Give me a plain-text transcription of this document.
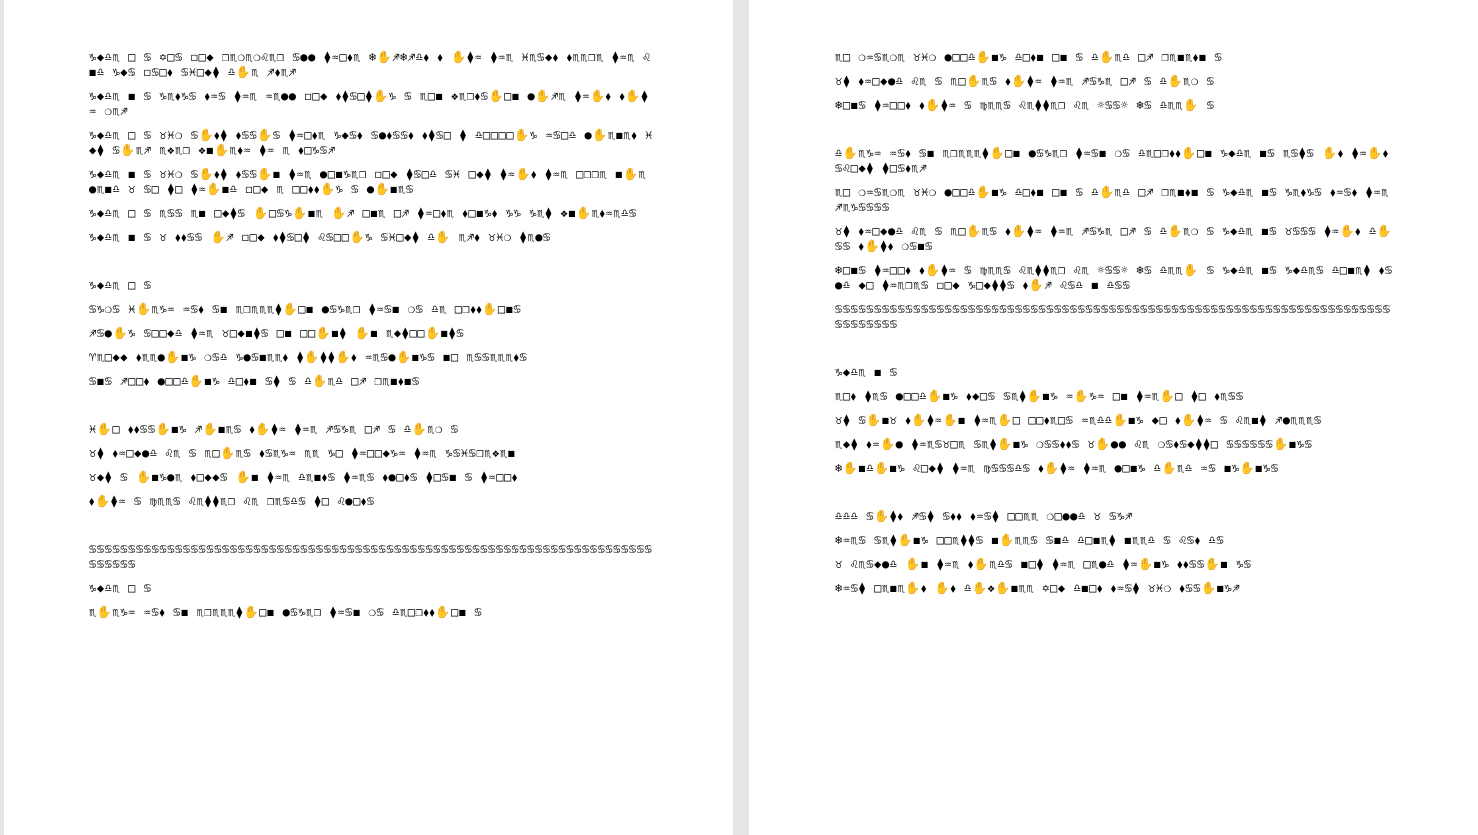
♑◆♎♏ □ ♋ ✡□♋ ◻□◆ ❒♏❍♏❍♌♏❒ ♋●● ⧫♒□⬧♏ ❄✋♐❄♐♎⬧ ⬧ ✋⧫♒ ⧫♒♏ ♓♏♋◆⬧ ⬧♏♏❒♏ ⧫♒♏ ♌◼♎ ♑◆♋ ◻♋□⬧ ♋♓□◆⧫ ♎✋♏ ♐⬧♏♐

♑◆♎♏ ◼ ♋ ♑♏⬧♑♋ ⬧♒♋ ⧫♒♏ ♒♏●● ◻□◆ ⬧⧫♋□⧫✋♑ ♋ ♏□◼ ❖♏❒⬧♋✋□◼ ●✋♐♏ ⧫♒✋⬧ ⬧✋⧫♒ ❍♏♐

♑◆♎♏ □ ♋ ♉♓❍ ♋✋⬧⧫ ⬧♋♋✋♋ ⧫♒□⬧♏ ♑◆♋⬧ ♋●⬧♋♋⬧ ⬧⧫♋□ ⧫ ♎□□□□✋♑ ♒♋□♎ ●✋♏◼♏⬧ ♓◆⧫ ♋✋♏♐ ♏❖♏❒ ❖◼✋♏⬧♒ ⧫♒ ♏ ⬧□♑♋♐

♑◆♎♏ ◼ ♋ ♉♓❍ ♋✋⬧⧫ ⬧♋♋✋◼ ⧫♒♏ ●□◼♑♏❒ ◻□◆ ⧫♋□♎ ♋♓ □◆⧫ ⧫♒✋⬧ ⧫♒♏ □❒❒♏ ◼✋♏●♏◼♎ ♉ ♋□ ⧫□ ⧫♒✋◼♎ ◻□◆ ♏ □□⬧⬧✋♑ ♋ ●✋◼♏♋

♑◆♎♏ □ ♋ ♏♋♋ ♏◼ □◆⧫♋ ✋□♋♑✋◼♏ ✋♐ □◼♏ □♐ ⧫♒□⬧♏ ⬧□◼♑⬧ ♑♑ ♑♏⧫ ❖◼✋♏⬧♒♏♎♋

♑◆♎♏ ◼ ♋ ♉ ⬧⬧♋♋ ✋♐ ◻□◆ ⬧⧫♋□⧫ ♌♋□□✋♑ ♋♓□◆⧫ ♎✋ ♏♐⬧ ♉♓❍ ⧫♏●♋

♑◆♎♏ □ ♋

♋♑❍♋ ♓✋♏♑♒ ♒♋⬧ ♋◼ ♏❒♏♏♏⧫✋□◼ ●♋♑♏❒ ⧫♒♋◼ ❍♋ ♎♏ □❒⬧⬧✋□◼♋

♐♋●✋♑ ♋□□◆♎ ⧫♒♏ ♉□◆◼⧫♋ □◼ □□✋◼⧫ ✋◼ ♏◆⧫□□✋◼⧫♋

♈♏□◆◆ ⬧♏♏●✋◼♑ ❍♋♎ ♑●♋◼♏♏⬧ ⧫✋⧫⧫✋⬧ ♒♏♋●✋◼♑♋ ◼□ ♏♋♋♏♏♏⬧♋

♋◼♋ ♐□□⬧ ●□□♎✋◼♑ ♎□⬧◼ ♋⧫ ♋ ♎✋♏♎ □♐ ❒♏◼⬧◼♋

♓✋□ ⬧⬧♋♋✋◼♑ ♐✋◼♏♋ ⬧✋⧫♒ ⧫♒♏ ♐♋♑♏ □♐ ♋ ♎✋♏❍ ♋

♉⧫ ⬧♒□◆●♎ ♌♏ ♋ ♏□✋♏♋ ⬧♋♏♑♒ ♏♏ ♑□ ⧫♒□□◆♑♒ ⧫♒♏ ♑♋♓♋❒♏❖♏◼

♉◆⧫ ♋ ✋◼♑●♏ ⬧□◆◆♋ ✋◼ ⧫♒♏ ♎♏◼⬧♋ ⧫♒♏♋ ⬧●□⬧♋ ⧫□♋◼ ♋ ⧫♒□□⬧

⬧✋⧫♒ ♋ ♍♏♏♋ ♌♏⧫⧫♏❒ ♌♏ ❒♏♋♎♋ ⧫□ ♌●□⬧♋

♋♋♋♋♋♋♋♋♋♋♋♋♋♋♋♋♋♋♋♋♋♋♋♋♋♋♋♋♋♋♋♋♋♋♋♋♋♋♋♋♋♋♋♋♋♋♋♋♋♋♋♋♋♋♋♋♋♋♋♋♋♋♋♋♋♋♋♋♋♋♋♋♋♋♋♋♋♋

♑◆♎♏ □ ♋

♏✋♏♑♒ ♒♋⬧ ♋◼ ♏❒♏♏♏⧫✋□◼ ●♋♑♏❒ ⧫♒♋◼ ❍♋ ♎♏□❒⬧⬧✋□◼ ♋

♏□ ❍♒♋♏❍♏ ♉♓❍ ●□□♎✋◼♑ ♎□⬧◼ □◼ ♋ ♎✋♏♎ □♐ ❒♏◼♏⬧◼ ♋

♉⧫ ⬧♒□◆●♎ ♌♏ ♋ ♏□✋♏♋ ⬧✋⧫♒ ⧫♒♏ ♐♋♑♏ □♐ ♋ ♎✋♏❍ ♋

❄□◼♋ ⧫♒□□⬧ ⬧✋⧫♒ ♋ ♍♏♏♋ ♌♏⧫⧫♏❒ ♌♏ ☼♋♋☼ ❄♋ ♎♏♏✋ ♋

♎✋♏♑♒ ♒♋⬧ ♋◼ ♏❒♏♏♏⧫✋□◼ ●♋♑♏❒ ⧫♒♋◼ ❍♋ ♎♏□❒⬧⬧✋□◼ ♑◆♎♏ ◼♋ ♏♋⧫♋ ✋⬧ ⧫♒✋⬧ ♋♌□◆⧫ ⧫□♋⬧♏♐

♏□ ❍♒♋♏❍♏ ♉♓❍ ●□□♎✋◼♑ ♎□⬧◼ □◼ ♋ ♎✋♏♎ □♐ ❒♏◼⬧◼ ♋ ♑◆♎♏ ◼♋ ♑♏⬧♑♋ ⬧♒♋⬧ ⧫♒♏ ♐♏♑♋♋♋♋

♉⧫ ⬧♒□◆●♎ ♌♏ ♋ ♏□✋♏♋ ⬧✋⧫♒ ⧫♒♏ ♐♋♑♏ □♐ ♋ ♎✋♏❍ ♋ ♑◆♎♏ ◼♋ ♉♋♋♋ ⧫♒✋⬧ ♎✋♋♋ ⬧✋⧫⬧ ❍♋◼♋

❄□◼♋ ⧫♒□□⬧ ⬧✋⧫♒ ♋ ♍♏♏♋ ♌♏⧫⧫♏❒ ♌♏ ☼♋♋☼ ❄♋ ♎♏♏✋ ♋ ♑◆♎♏ ◼♋ ♑◆♎♏♋ ♎□◼♏⧫ ⬧♋●♎ ◆□ ⧫♒♏❒♏♋ ◻□◆ ♑□◆⧫⧫♋ ⬧✋♐ ♌♋♎ ◼ ♎♋♋

♋♋♋♋♋♋♋♋♋♋♋♋♋♋♋♋♋♋♋♋♋♋♋♋♋♋♋♋♋♋♋♋♋♋♋♋♋♋♋♋♋♋♋♋♋♋♋♋♋♋♋♋♋♋♋♋♋♋♋♋♋♋♋♋♋♋♋♋♋♋♋♋♋♋♋♋♋♋♋

♑◆♎♏ ◼ ♋

♏□⬧ ⧫♏♋ ●□□♎✋◼♑ ⬧◆□♋ ♋♏⧫✋◼♑ ♒✋♑♒ □◼ ⧫♒♏✋□ ⧫□ ⬧♏♋♋

♉⧫ ♋✋◼♉ ⬧✋⧫♒✋◼ ⧫♒♏✋□ □□⬧♏□♋ ♒♏♎♎✋◼♑ ◆□ ⬧✋⧫♒ ♋ ♌♏◼⧫ ♐●♏♏♏♋

♏◆⧫ ⬧♒✋● ⧫♒♏♋♉□♏ ♋♏⧫✋◼♑ ❍♋♋⬧⬧♋ ♉✋●● ♌♏ ❍♋⬧♋◆⧫⧫□ ♋♋♋♋♋♋✋◼♑♋

❄✋◼♎✋◼♑ ♌□◆⧫ ⧫♒♏ ♍♋♋♋♎♋ ⬧✋⧫♒ ⧫♒♏ ●□◼♑ ♎✋♏♎ ♒♋ ◼♑✋◼♑♋

♎♎♎ ♋✋⧫⬧ ♐♋⧫ ♋⬧⬧ ⬧♒♋⧫ □□♏♏ ❍□●●♎ ♉ ♋♑♐

❄♒♏♋ ♋♏⧫✋◼♑ □□♏⧫⧫♋ ◼✋♏♏♋ ♋◼♎ ♎□◼♏⧫ ◼♏♏♎ ♋ ♌♋⬧ ♎♋

♉ ♌♏♋◆●♎ ✋◼ ⧫♒♏ ⬧✋♏♎♋ ◼□⧫ ⧫♒♏ □♏●♎ ⧫♒✋◼♑ ⬧⬧♋♋✋◼ ♑♋

❄♒♋⧫ □♏◼♏✋⬧ ✋⬧ ♎✋❖✋◼♏♏ ✡□◆ ♎◼□⬧ ⬧♒♋⧫ ♉♓❍ ⬧♋♋✋◼♑♐
